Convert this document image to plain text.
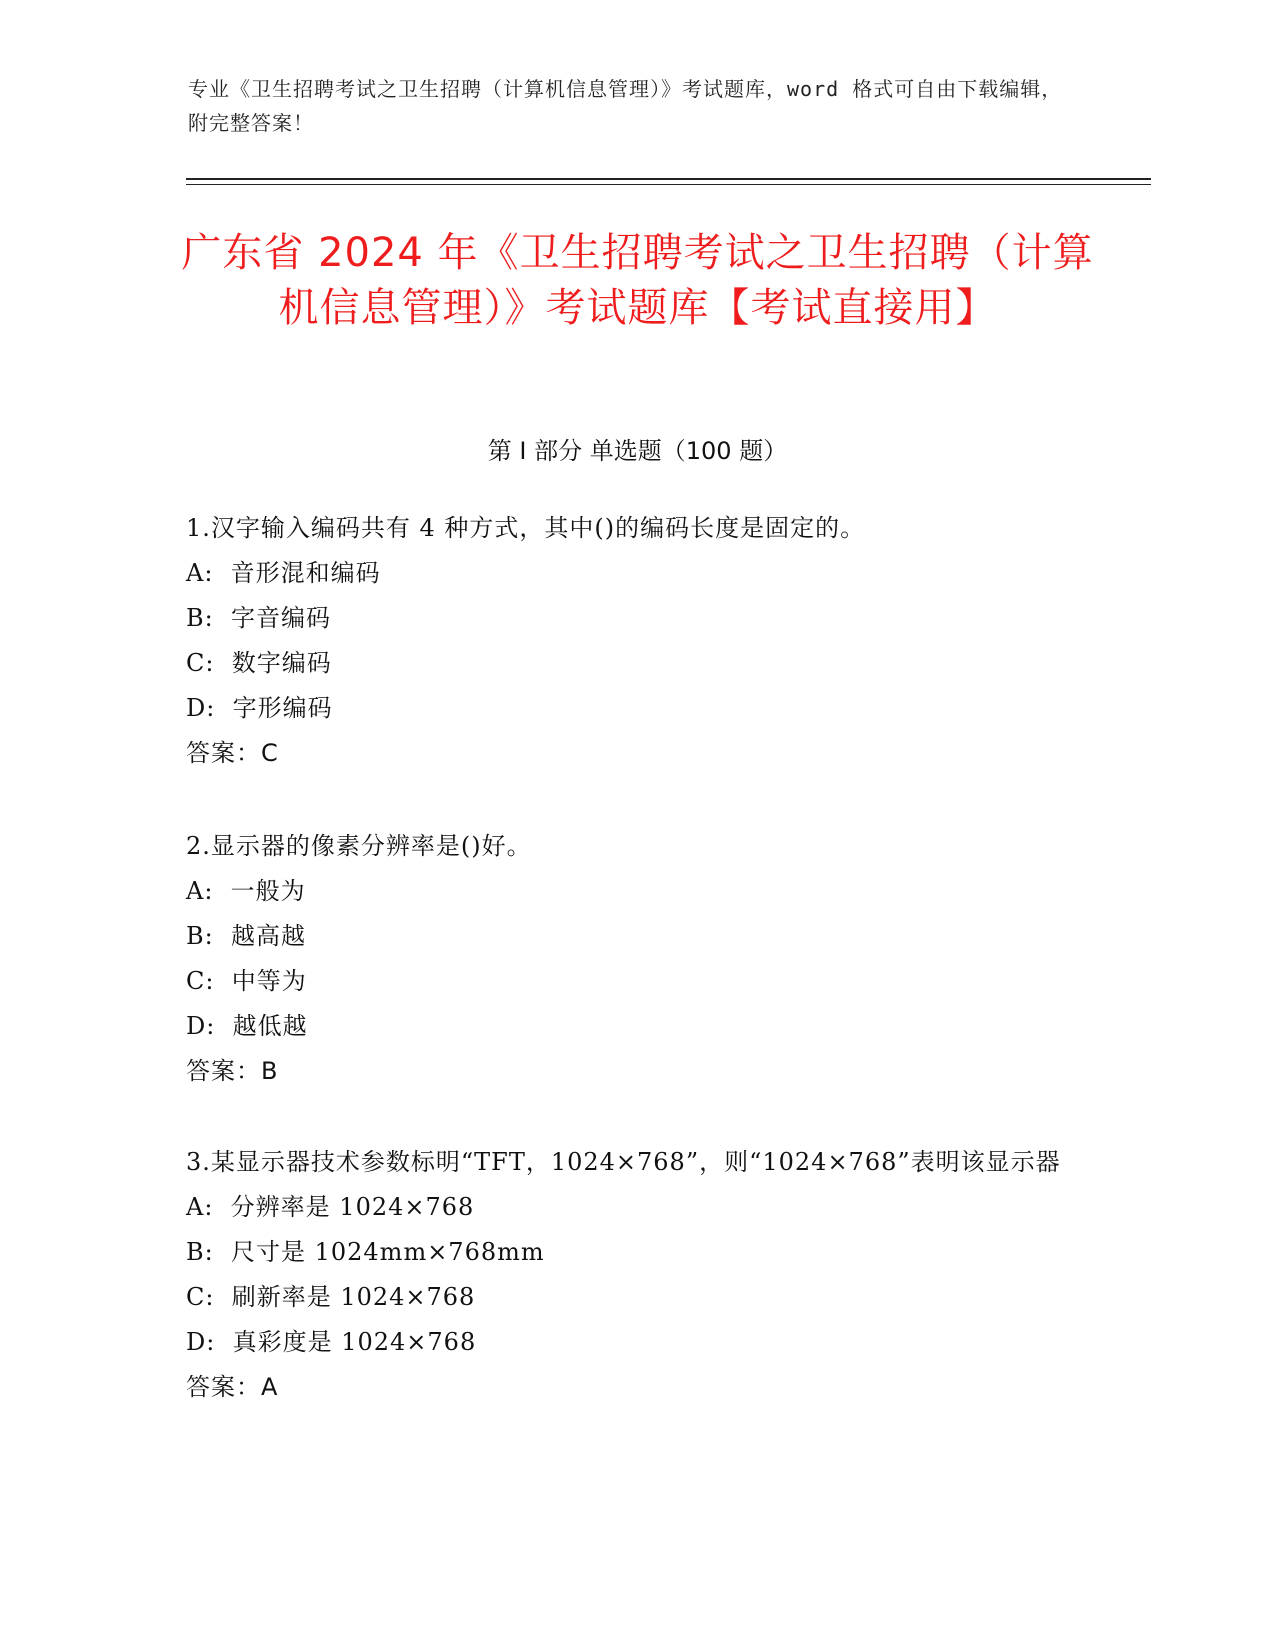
专业《卫生招聘考试之卫生招聘（计算机信息管理）》考试题库，word 格式可自由下载编辑，附完整答案！
广东省 2024 年《卫生招聘考试之卫生招聘（计算机信息管理）》考试题库【考试直接用】
第 I 部分 单选题（100 题）
1.汉字输入编码共有 4 种方式，其中()的编码长度是固定的。
A:  音形混和编码
B:  字音编码
C:  数字编码
D:  字形编码
答案：C
2.显示器的像素分辨率是()好。
A:  一般为
B:  越高越
C:  中等为
D:  越低越
答案：B
3.某显示器技术参数标明“TFT，1024×768”，则“1024×768”表明该显示器
A:  分辨率是 1024×768
B:  尺寸是 1024mm×768mm
C:  刷新率是 1024×768
D:  真彩度是 1024×768
答案：A
